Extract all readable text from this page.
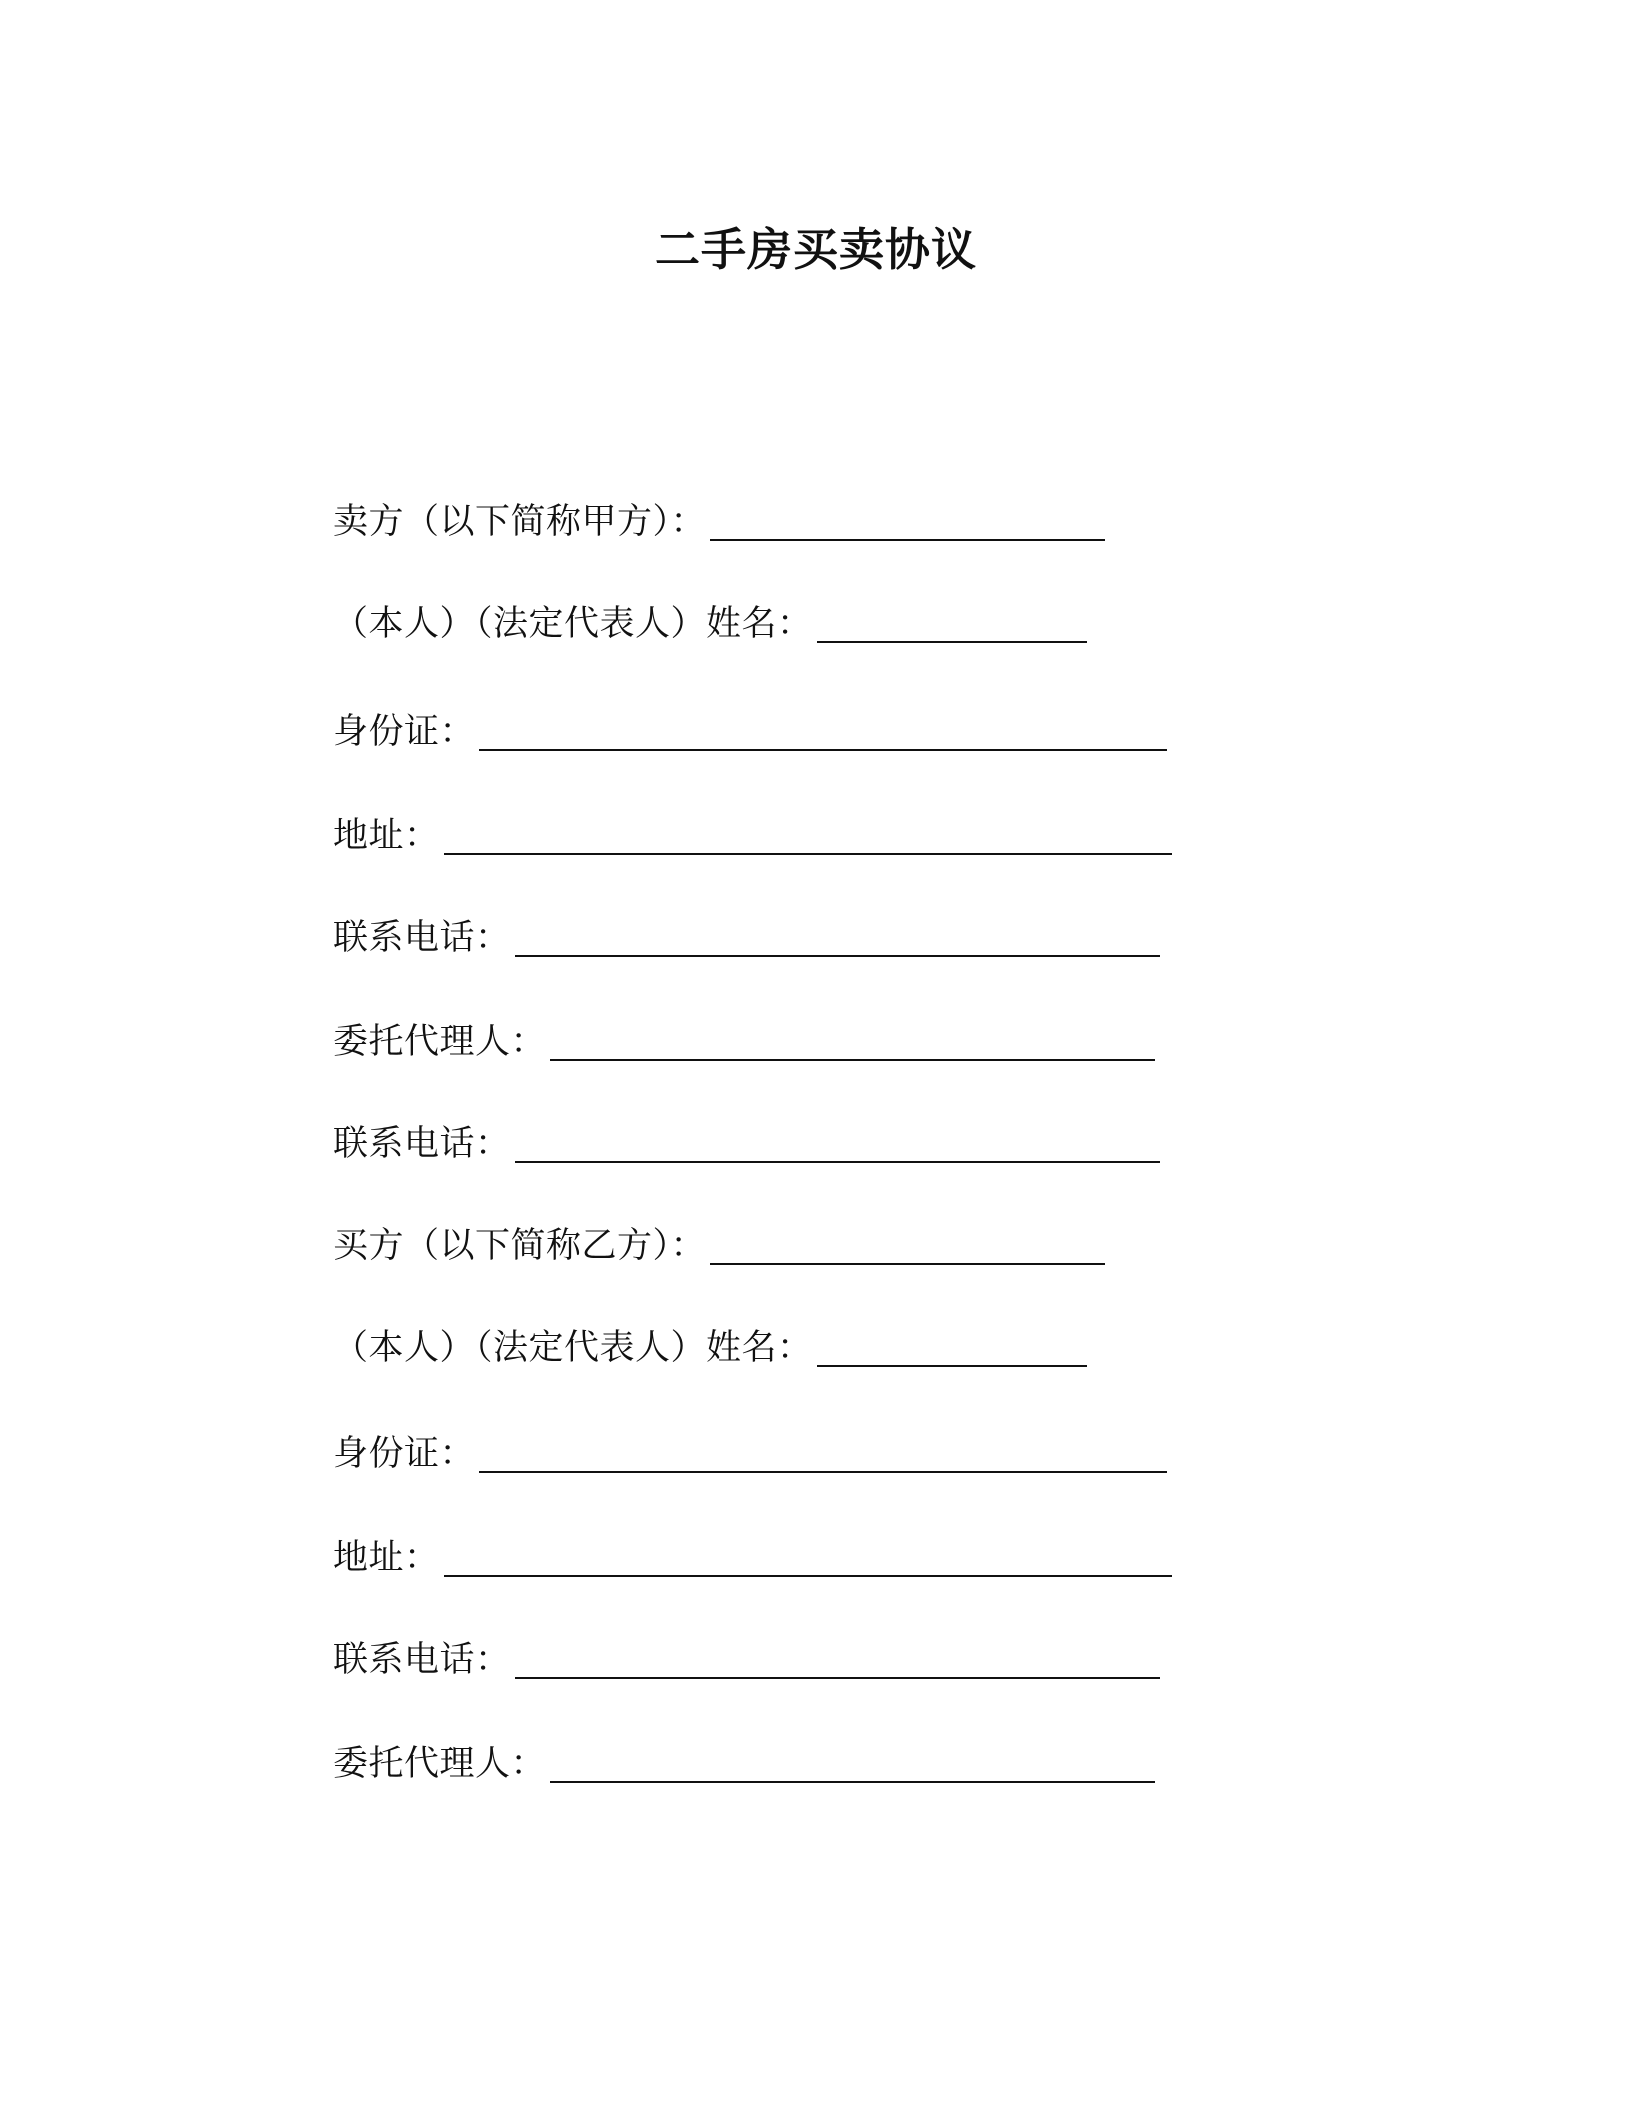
二手房买卖协议
卖方（以下简称甲方）：
（本人）（法定代表人）姓名：
身份证：
地址：
联系电话：
委托代理人：
联系电话：
买方（以下简称乙方）：
（本人）（法定代表人）姓名：
身份证：
地址：
联系电话：
委托代理人：
